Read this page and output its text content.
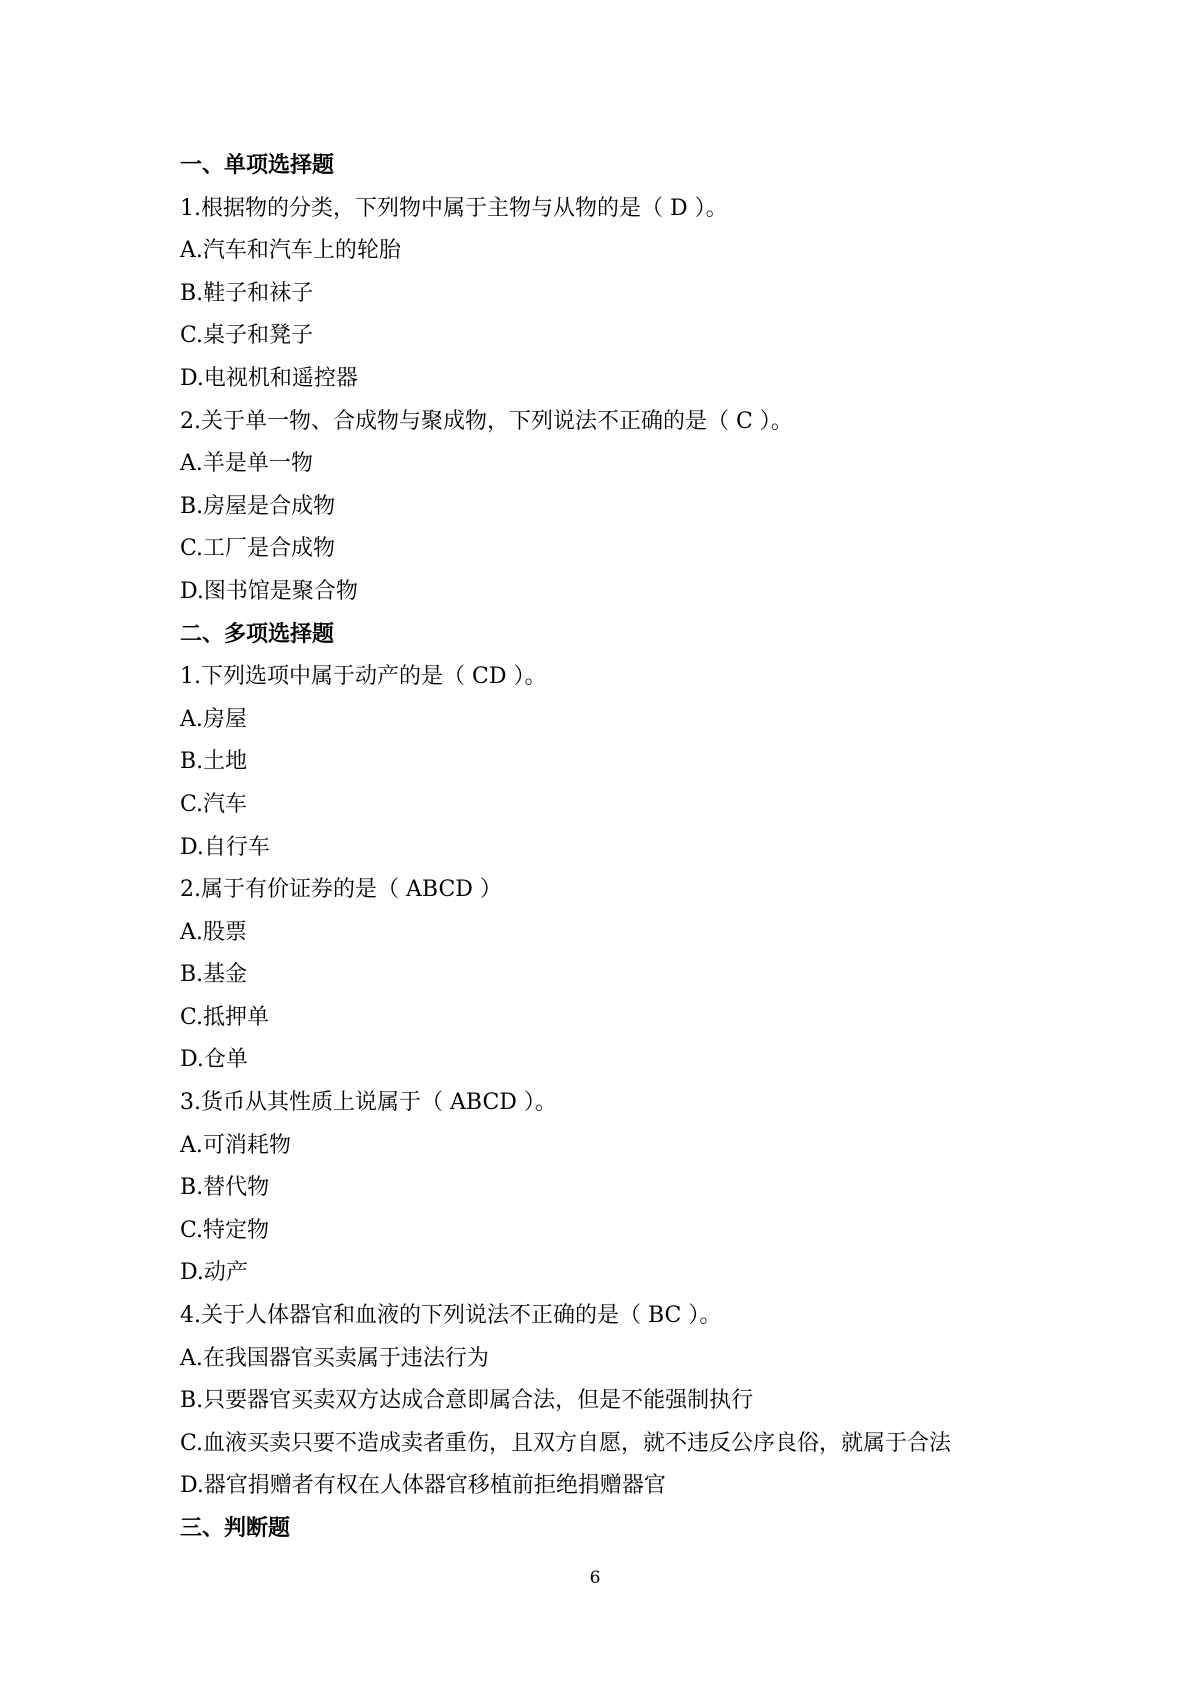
一、单项选择题
1.根据物的分类，下列物中属于主物与从物的是（ D ）。
A.汽车和汽车上的轮胎
B.鞋子和袜子
C.桌子和凳子
D.电视机和遥控器
2.关于单一物、合成物与聚成物，下列说法不正确的是（ C ）。
A.羊是单一物
B.房屋是合成物
C.工厂是合成物
D.图书馆是聚合物
二、多项选择题
1.下列选项中属于动产的是（ CD ）。
A.房屋
B.土地
C.汽车
D.自行车
2.属于有价证券的是（ ABCD ）
A.股票
B.基金
C.抵押单
D.仓单
3.货币从其性质上说属于（ ABCD ）。
A.可消耗物
B.替代物
C.特定物
D.动产
4.关于人体器官和血液的下列说法不正确的是（ BC ）。
A.在我国器官买卖属于违法行为
B.只要器官买卖双方达成合意即属合法，但是不能强制执行
C.血液买卖只要不造成卖者重伤，且双方自愿，就不违反公序良俗，就属于合法
D.器官捐赠者有权在人体器官移植前拒绝捐赠器官
三、判断题
6
